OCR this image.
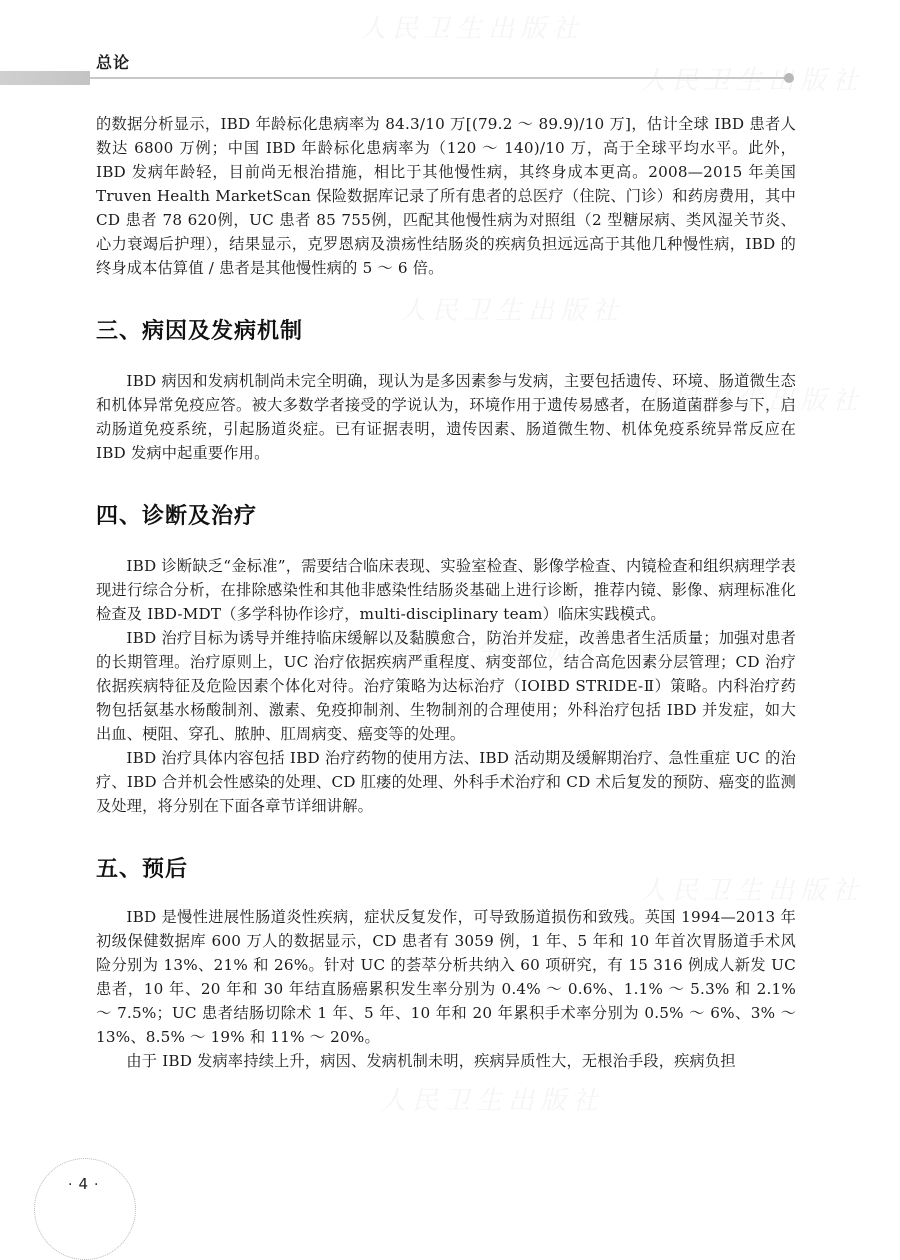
总论

的数据分析显示，IBD 年龄标化患病率为 84.3/10 万[(79.2 ～ 89.9)/10 万]，估计全球 IBD 患者人数达 6800 万例；中国 IBD 年龄标化患病率为（120 ～ 140)/10 万，高于全球平均水平。此外，IBD 发病年龄轻，目前尚无根治措施，相比于其他慢性病，其终身成本更高。2008—2015 年美国 Truven Health MarketScan 保险数据库记录了所有患者的总医疗（住院、门诊）和药房费用，其中CD 患者 78 620例，UC 患者 85 755例，匹配其他慢性病为对照组（2 型糖尿病、类风湿关节炎、心力衰竭后护理），结果显示，克罗恩病及溃疡性结肠炎的疾病负担远远高于其他几种慢性病，IBD 的终身成本估算值 / 患者是其他慢性病的 5 ～ 6 倍。

三、病因及发病机制

IBD 病因和发病机制尚未完全明确，现认为是多因素参与发病，主要包括遗传、环境、肠道微生态和机体异常免疫应答。被大多数学者接受的学说认为，环境作用于遗传易感者，在肠道菌群参与下，启动肠道免疫系统，引起肠道炎症。已有证据表明，遗传因素、肠道微生物、机体免疫系统异常反应在 IBD 发病中起重要作用。

四、诊断及治疗

IBD 诊断缺乏“金标准”，需要结合临床表现、实验室检查、影像学检查、内镜检查和组织病理学表现进行综合分析，在排除感染性和其他非感染性结肠炎基础上进行诊断，推荐内镜、影像、病理标准化检查及 IBD-MDT（多学科协作诊疗，multi-disciplinary team）临床实践模式。

IBD 治疗目标为诱导并维持临床缓解以及黏膜愈合，防治并发症，改善患者生活质量；加强对患者的长期管理。治疗原则上，UC 治疗依据疾病严重程度、病变部位，结合高危因素分层管理；CD 治疗依据疾病特征及危险因素个体化对待。治疗策略为达标治疗（IOIBD STRIDE-Ⅱ）策略。内科治疗药物包括氨基水杨酸制剂、激素、免疫抑制剂、生物制剂的合理使用；外科治疗包括 IBD 并发症，如大出血、梗阻、穿孔、脓肿、肛周病变、癌变等的处理。

IBD 治疗具体内容包括 IBD 治疗药物的使用方法、IBD 活动期及缓解期治疗、急性重症 UC 的治疗、IBD 合并机会性感染的处理、CD 肛瘘的处理、外科手术治疗和 CD 术后复发的预防、癌变的监测及处理，将分别在下面各章节详细讲解。

五、预后

IBD 是慢性进展性肠道炎性疾病，症状反复发作，可导致肠道损伤和致残。英国 1994—2013 年初级保健数据库 600 万人的数据显示，CD 患者有 3059 例，1 年、5 年和 10 年首次胃肠道手术风险分别为 13%、21% 和 26%。针对 UC 的荟萃分析共纳入 60 项研究，有 15 316 例成人新发 UC 患者，10 年、20 年和 30 年结直肠癌累积发生率分别为 0.4% ～ 0.6%、1.1% ～ 5.3% 和 2.1% ～ 7.5%；UC 患者结肠切除术 1 年、5 年、10 年和 20 年累积手术率分别为 0.5% ～ 6%、3% ～ 13%、8.5% ～ 19% 和 11% ～ 20%。

由于 IBD 发病率持续上升，病因、发病机制未明，疾病异质性大，无根治手段，疾病负担

· 4 ·
